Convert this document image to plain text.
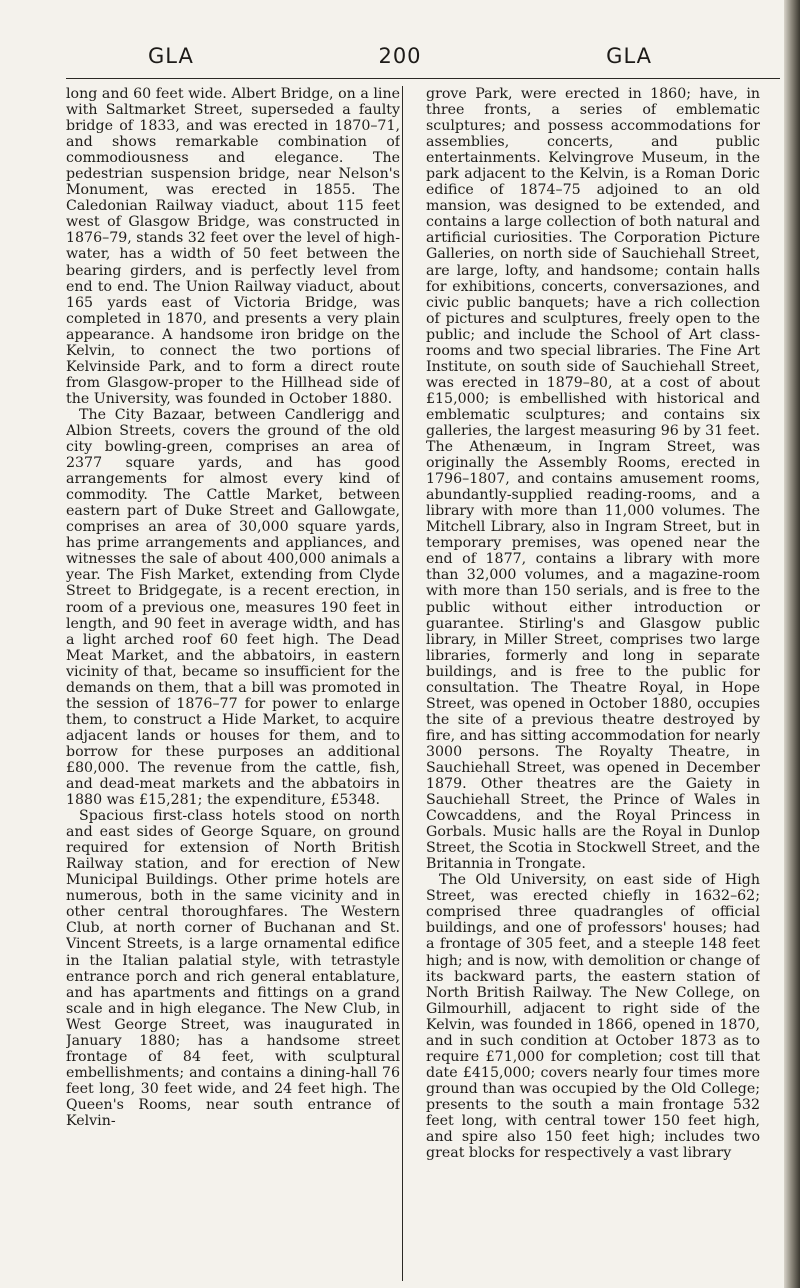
GLA	200	GLA

long and 60 feet wide. Albert Bridge, on a line with Saltmarket Street, superseded a faulty bridge of 1833, and was erected in 1870–71, and shows remarkable combination of commodiousness and elegance. The pedestrian suspension bridge, near Nelson's Monument, was erected in 1855. The Caledonian Railway viaduct, about 115 feet west of Glasgow Bridge, was constructed in 1876–79, stands 32 feet over the level of high-water, has a width of 50 feet between the bearing girders, and is perfectly level from end to end. The Union Railway viaduct, about 165 yards east of Victoria Bridge, was completed in 1870, and presents a very plain appearance. A handsome iron bridge on the Kelvin, to connect the two portions of Kelvinside Park, and to form a direct route from Glasgow-proper to the Hillhead side of the University, was founded in October 1880.

The City Bazaar, between Candlerigg and Albion Streets, covers the ground of the old city bowling-green, comprises an area of 2377 square yards, and has good arrangements for almost every kind of commodity. The Cattle Market, between eastern part of Duke Street and Gallowgate, comprises an area of 30,000 square yards, has prime arrangements and appliances, and witnesses the sale of about 400,000 animals a year. The Fish Market, extending from Clyde Street to Bridgegate, is a recent erection, in room of a previous one, measures 190 feet in length, and 90 feet in average width, and has a light arched roof 60 feet high. The Dead Meat Market, and the abbatoirs, in eastern vicinity of that, became so insufficient for the demands on them, that a bill was promoted in the session of 1876–77 for power to enlarge them, to construct a Hide Market, to acquire adjacent lands or houses for them, and to borrow for these purposes an additional £80,000. The revenue from the cattle, fish, and dead-meat markets and the abbatoirs in 1880 was £15,281; the expenditure, £5348.

Spacious first-class hotels stood on north and east sides of George Square, on ground required for extension of North British Railway station, and for erection of New Municipal Buildings. Other prime hotels are numerous, both in the same vicinity and in other central thoroughfares. The Western Club, at north corner of Buchanan and St. Vincent Streets, is a large ornamental edifice in the Italian palatial style, with tetrastyle entrance porch and rich general entablature, and has apartments and fittings on a grand scale and in high elegance. The New Club, in West George Street, was inaugurated in January 1880; has a handsome street frontage of 84 feet, with sculptural embellishments; and contains a dining-hall 76 feet long, 30 feet wide, and 24 feet high. The Queen's Rooms, near south entrance of Kelvin-

grove Park, were erected in 1860; have, in three fronts, a series of emblematic sculptures; and possess accommodations for assemblies, concerts, and public entertainments. Kelvingrove Museum, in the park adjacent to the Kelvin, is a Roman Doric edifice of 1874–75 adjoined to an old mansion, was designed to be extended, and contains a large collection of both natural and artificial curiosities. The Corporation Picture Galleries, on north side of Sauchiehall Street, are large, lofty, and handsome; contain halls for exhibitions, concerts, conversaziones, and civic public banquets; have a rich collection of pictures and sculptures, freely open to the public; and include the School of Art class-rooms and two special libraries. The Fine Art Institute, on south side of Sauchiehall Street, was erected in 1879–80, at a cost of about £15,000; is embellished with historical and emblematic sculptures; and contains six galleries, the largest measuring 96 by 31 feet. The Athenæum, in Ingram Street, was originally the Assembly Rooms, erected in 1796–1807, and contains amusement rooms, abundantly-supplied reading-rooms, and a library with more than 11,000 volumes. The Mitchell Library, also in Ingram Street, but in temporary premises, was opened near the end of 1877, contains a library with more than 32,000 volumes, and a magazine-room with more than 150 serials, and is free to the public without either introduction or guarantee. Stirling's and Glasgow public library, in Miller Street, comprises two large libraries, formerly and long in separate buildings, and is free to the public for consultation. The Theatre Royal, in Hope Street, was opened in October 1880, occupies the site of a previous theatre destroyed by fire, and has sitting accommodation for nearly 3000 persons. The Royalty Theatre, in Sauchiehall Street, was opened in December 1879. Other theatres are the Gaiety in Sauchiehall Street, the Prince of Wales in Cowcaddens, and the Royal Princess in Gorbals. Music halls are the Royal in Dunlop Street, the Scotia in Stockwell Street, and the Britannia in Trongate.

The Old University, on east side of High Street, was erected chiefly in 1632–62; comprised three quadrangles of official buildings, and one of professors' houses; had a frontage of 305 feet, and a steeple 148 feet high; and is now, with demolition or change of its backward parts, the eastern station of North British Railway. The New College, on Gilmourhill, adjacent to right side of the Kelvin, was founded in 1866, opened in 1870, and in such condition at October 1873 as to require £71,000 for completion; cost till that date £415,000; covers nearly four times more ground than was occupied by the Old College; presents to the south a main frontage 532 feet long, with central tower 150 feet high, and spire also 150 feet high; includes two great blocks for respectively a vast library
